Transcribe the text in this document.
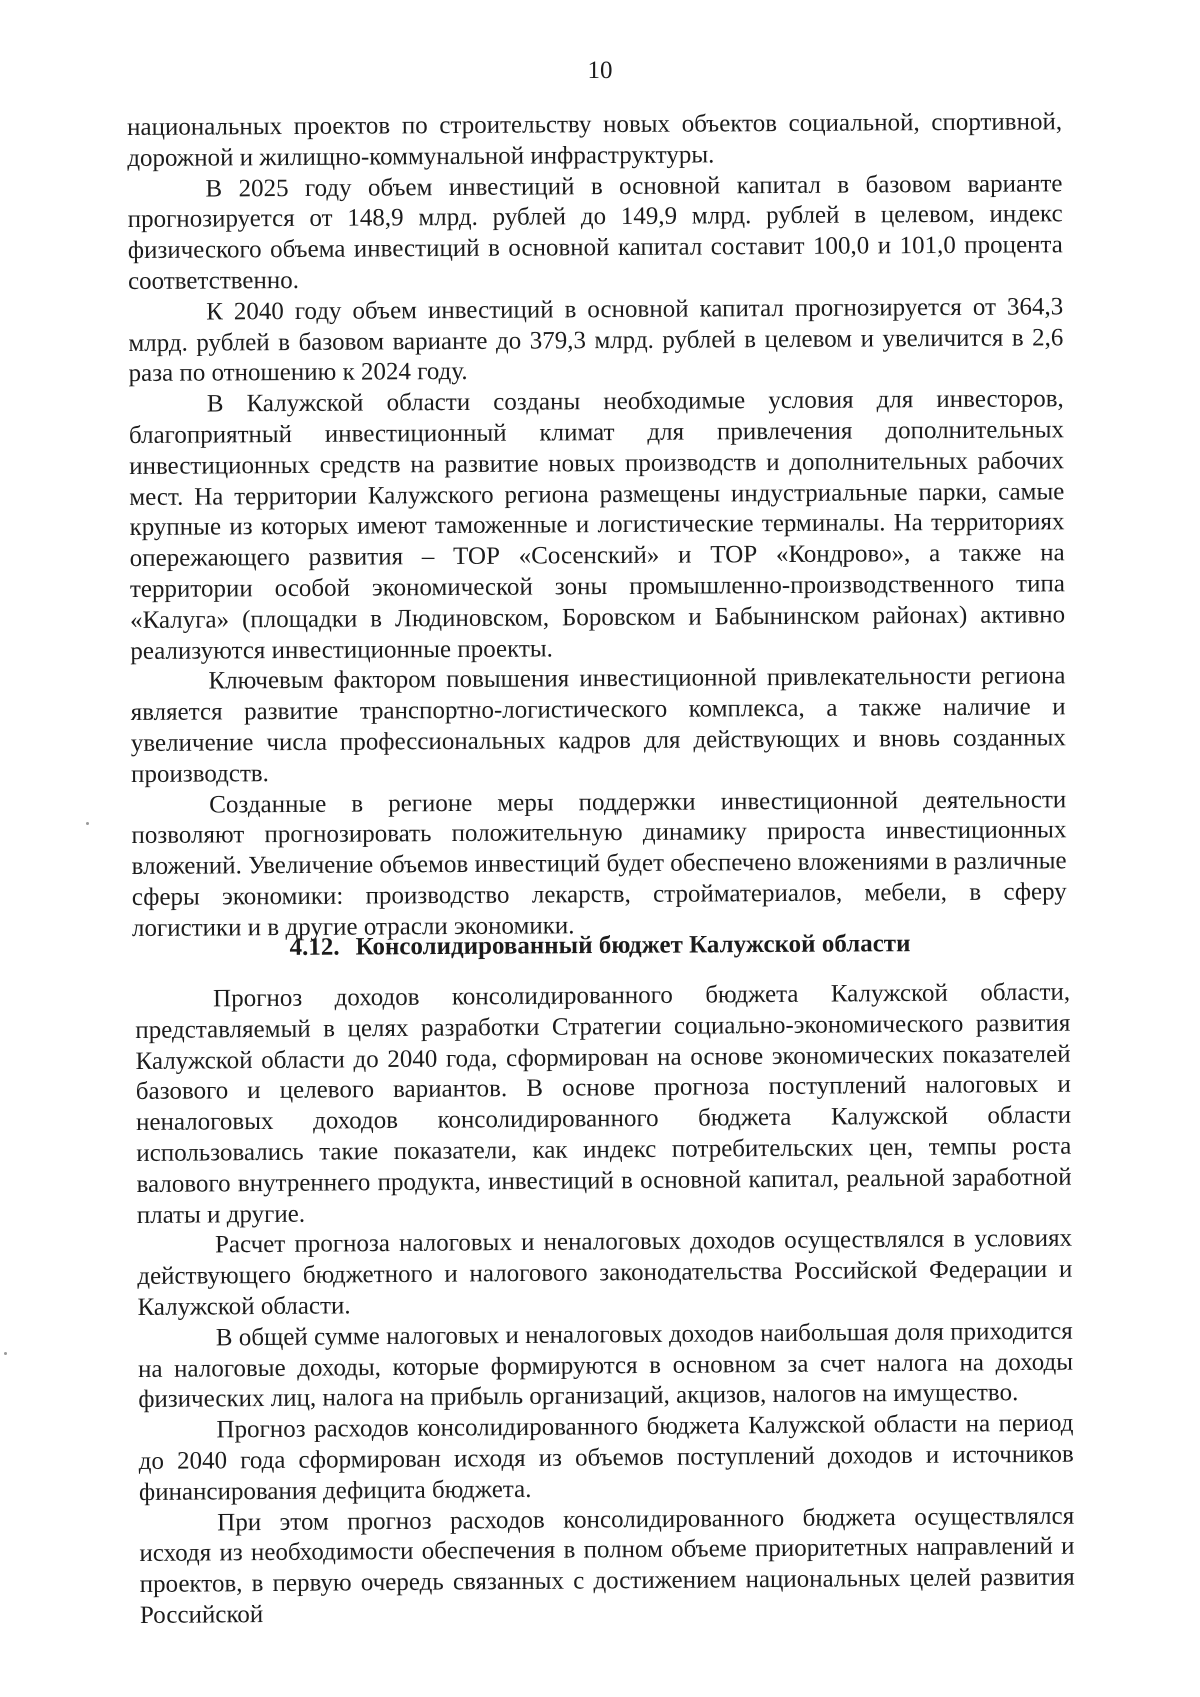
10

национальных проектов по строительству новых объектов социальной, спортивной, дорожной и жилищно-коммунальной инфраструктуры.

В 2025 году объем инвестиций в основной капитал в базовом варианте прогнозируется от 148,9 млрд. рублей до 149,9 млрд. рублей в целевом, индекс физического объема инвестиций в основной капитал составит 100,0 и 101,0 процента соответственно.

К 2040 году объем инвестиций в основной капитал прогнозируется от 364,3 млрд. рублей в базовом варианте до 379,3 млрд. рублей в целевом и увеличится в 2,6 раза по отношению к 2024 году.

В Калужской области созданы необходимые условия для инвесторов, благоприятный инвестиционный климат для привлечения дополнительных инвестиционных средств на развитие новых производств и дополнительных рабочих мест. На территории Калужского региона размещены индустриальные парки, самые крупные из которых имеют таможенные и логистические терминалы. На территориях опережающего развития – ТОР «Сосенский» и ТОР «Кондрово», а также на территории особой экономической зоны промышленно-производственного типа «Калуга» (площадки в Людиновском, Боровском и Бабынинском районах) активно реализуются инвестиционные проекты.

Ключевым фактором повышения инвестиционной привлекательности региона является развитие транспортно-логистического комплекса, а также наличие и увеличение числа профессиональных кадров для действующих и вновь созданных производств.

Созданные в регионе меры поддержки инвестиционной деятельности позволяют прогнозировать положительную динамику прироста инвестиционных вложений. Увеличение объемов инвестиций будет обеспечено вложениями в различные сферы экономики: производство лекарств, стройматериалов, мебели, в сферу логистики и в другие отрасли экономики.

4.12. Консолидированный бюджет Калужской области

Прогноз доходов консолидированного бюджета Калужской области, представляемый в целях разработки Стратегии социально-экономического развития Калужской области до 2040 года, сформирован на основе экономических показателей базового и целевого вариантов. В основе прогноза поступлений налоговых и неналоговых доходов консолидированного бюджета Калужской области использовались такие показатели, как индекс потребительских цен, темпы роста валового внутреннего продукта, инвестиций в основной капитал, реальной заработной платы и другие.

Расчет прогноза налоговых и неналоговых доходов осуществлялся в условиях действующего бюджетного и налогового законодательства Российской Федерации и Калужской области.

В общей сумме налоговых и неналоговых доходов наибольшая доля приходится на налоговые доходы, которые формируются в основном за счет налога на доходы физических лиц, налога на прибыль организаций, акцизов, налогов на имущество.

Прогноз расходов консолидированного бюджета Калужской области на период до 2040 года сформирован исходя из объемов поступлений доходов и источников финансирования дефицита бюджета.

При этом прогноз расходов консолидированного бюджета осуществлялся исходя из необходимости обеспечения в полном объеме приоритетных направлений и проектов, в первую очередь связанных с достижением национальных целей развития Российской
